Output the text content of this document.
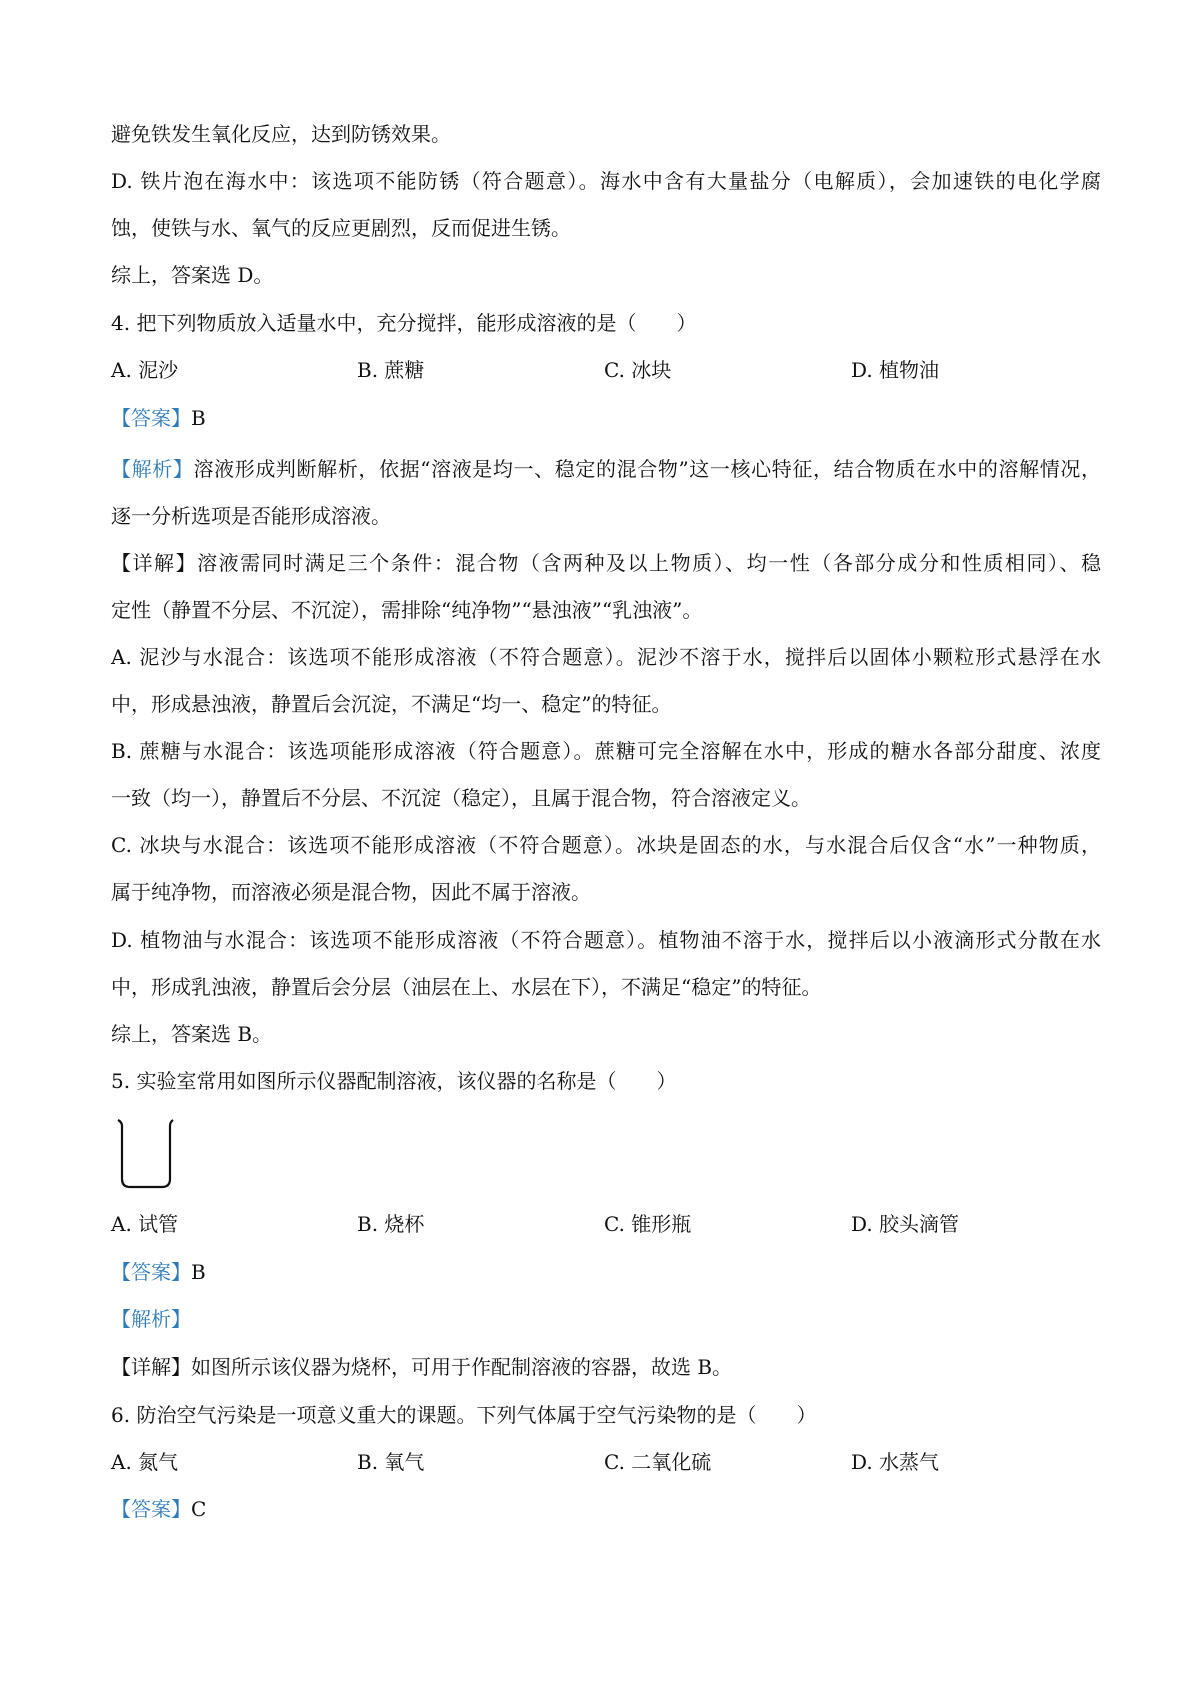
避免铁发生氧化反应，达到防锈效果。
D. 铁片泡在海水中：该选项不能防锈（符合题意）。海水中含有大量盐分（电解质），会加速铁的电化学腐
蚀，使铁与水、氧气的反应更剧烈，反而促进生锈。
综上，答案选 D。
4. 把下列物质放入适量水中，充分搅拌，能形成溶液的是（　　）
A. 泥沙	B. 蔗糖	C. 冰块	D. 植物油
【答案】B
【解析】溶液形成判断解析，依据“溶液是均一、稳定的混合物”这一核心特征，结合物质在水中的溶解情况，
逐一分析选项是否能形成溶液。
【详解】溶液需同时满足三个条件：混合物（含两种及以上物质）、均一性（各部分成分和性质相同）、稳
定性（静置不分层、不沉淀），需排除“纯净物”“悬浊液”“乳浊液”。
A. 泥沙与水混合：该选项不能形成溶液（不符合题意）。泥沙不溶于水，搅拌后以固体小颗粒形式悬浮在水
中，形成悬浊液，静置后会沉淀，不满足“均一、稳定”的特征。
B. 蔗糖与水混合：该选项能形成溶液（符合题意）。蔗糖可完全溶解在水中，形成的糖水各部分甜度、浓度
一致（均一），静置后不分层、不沉淀（稳定），且属于混合物，符合溶液定义。
C. 冰块与水混合：该选项不能形成溶液（不符合题意）。冰块是固态的水，与水混合后仅含“水”一种物质，
属于纯净物，而溶液必须是混合物，因此不属于溶液。
D. 植物油与水混合：该选项不能形成溶液（不符合题意）。植物油不溶于水，搅拌后以小液滴形式分散在水
中，形成乳浊液，静置后会分层（油层在上、水层在下），不满足“稳定”的特征。
综上，答案选 B。
5. 实验室常用如图所示仪器配制溶液，该仪器的名称是（　　）
A. 试管	B. 烧杯	C. 锥形瓶	D. 胶头滴管
【答案】B
【解析】
【详解】如图所示该仪器为烧杯，可用于作配制溶液的容器，故选 B。
6. 防治空气污染是一项意义重大的课题。下列气体属于空气污染物的是（　　）
A. 氮气	B. 氧气	C. 二氧化硫	D. 水蒸气
【答案】C
